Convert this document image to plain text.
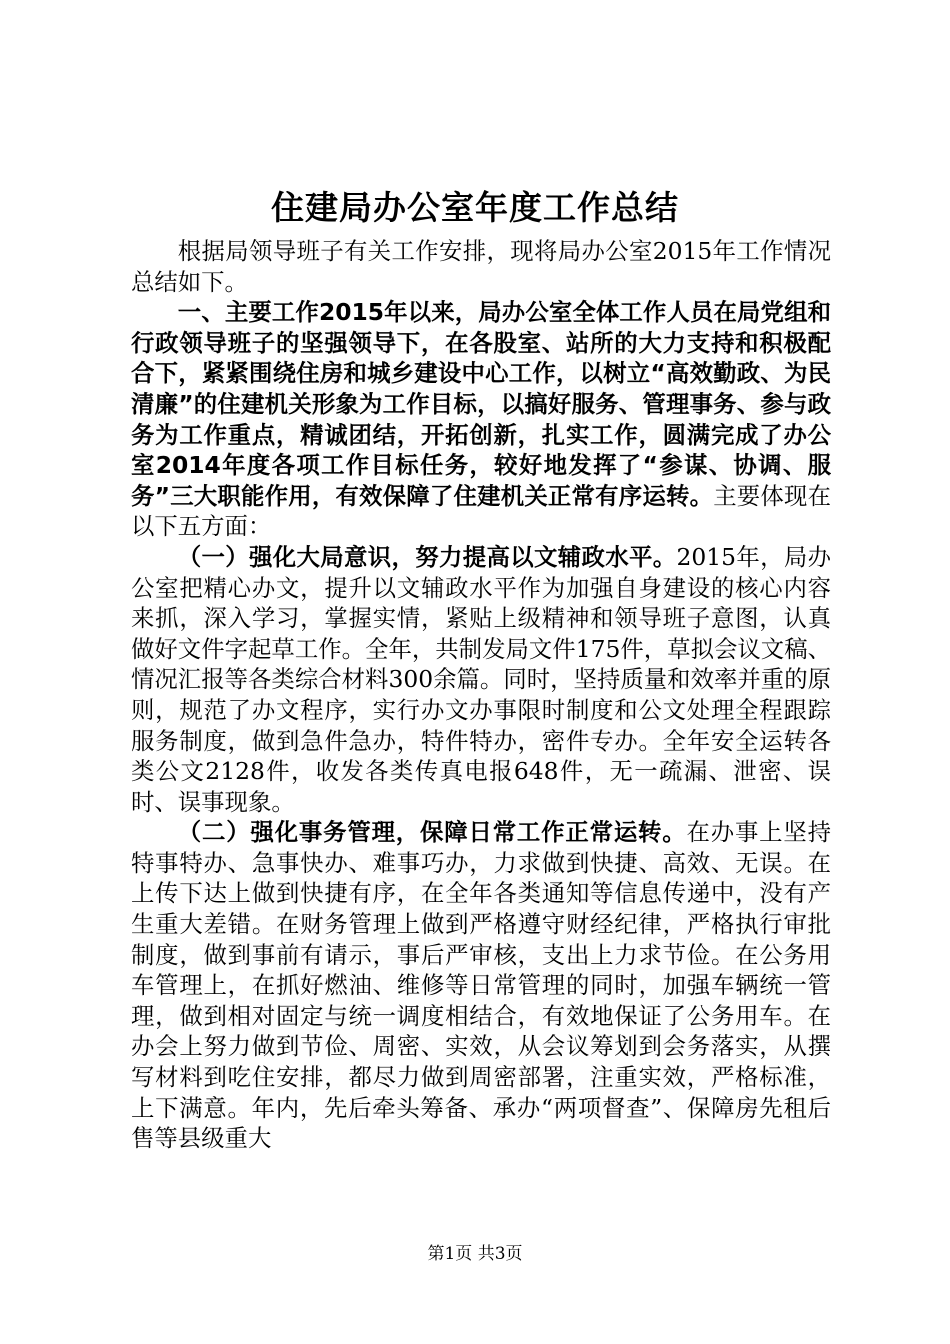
住建局办公室年度工作总结

根据局领导班子有关工作安排，现将局办公室2015年工作情况总结如下。

一、主要工作2015年以来，局办公室全体工作人员在局党组和行政领导班子的坚强领导下，在各股室、站所的大力支持和积极配合下，紧紧围绕住房和城乡建设中心工作，以树立“高效勤政、为民清廉”的住建机关形象为工作目标，以搞好服务、管理事务、参与政务为工作重点，精诚团结，开拓创新，扎实工作，圆满完成了办公室2014年度各项工作目标任务，较好地发挥了“参谋、协调、服务”三大职能作用，有效保障了住建机关正常有序运转。主要体现在以下五方面：

（一）强化大局意识，努力提高以文辅政水平。2015年，局办公室把精心办文，提升以文辅政水平作为加强自身建设的核心内容来抓，深入学习，掌握实情，紧贴上级精神和领导班子意图，认真做好文件字起草工作。全年，共制发局文件175件，草拟会议文稿、情况汇报等各类综合材料300余篇。同时，坚持质量和效率并重的原则，规范了办文程序，实行办文办事限时制度和公文处理全程跟踪服务制度，做到急件急办，特件特办，密件专办。全年安全运转各类公文2128件，收发各类传真电报648件，无一疏漏、泄密、误时、误事现象。

（二）强化事务管理，保障日常工作正常运转。在办事上坚持特事特办、急事快办、难事巧办，力求做到快捷、高效、无误。在上传下达上做到快捷有序，在全年各类通知等信息传递中，没有产生重大差错。在财务管理上做到严格遵守财经纪律，严格执行审批制度，做到事前有请示，事后严审核，支出上力求节俭。在公务用车管理上，在抓好燃油、维修等日常管理的同时，加强车辆统一管理，做到相对固定与统一调度相结合，有效地保证了公务用车。在办会上努力做到节俭、周密、实效，从会议筹划到会务落实，从撰写材料到吃住安排，都尽力做到周密部署，注重实效，严格标准，上下满意。年内，先后牵头筹备、承办“两项督查”、保障房先租后售等县级重大

第1页 共3页
